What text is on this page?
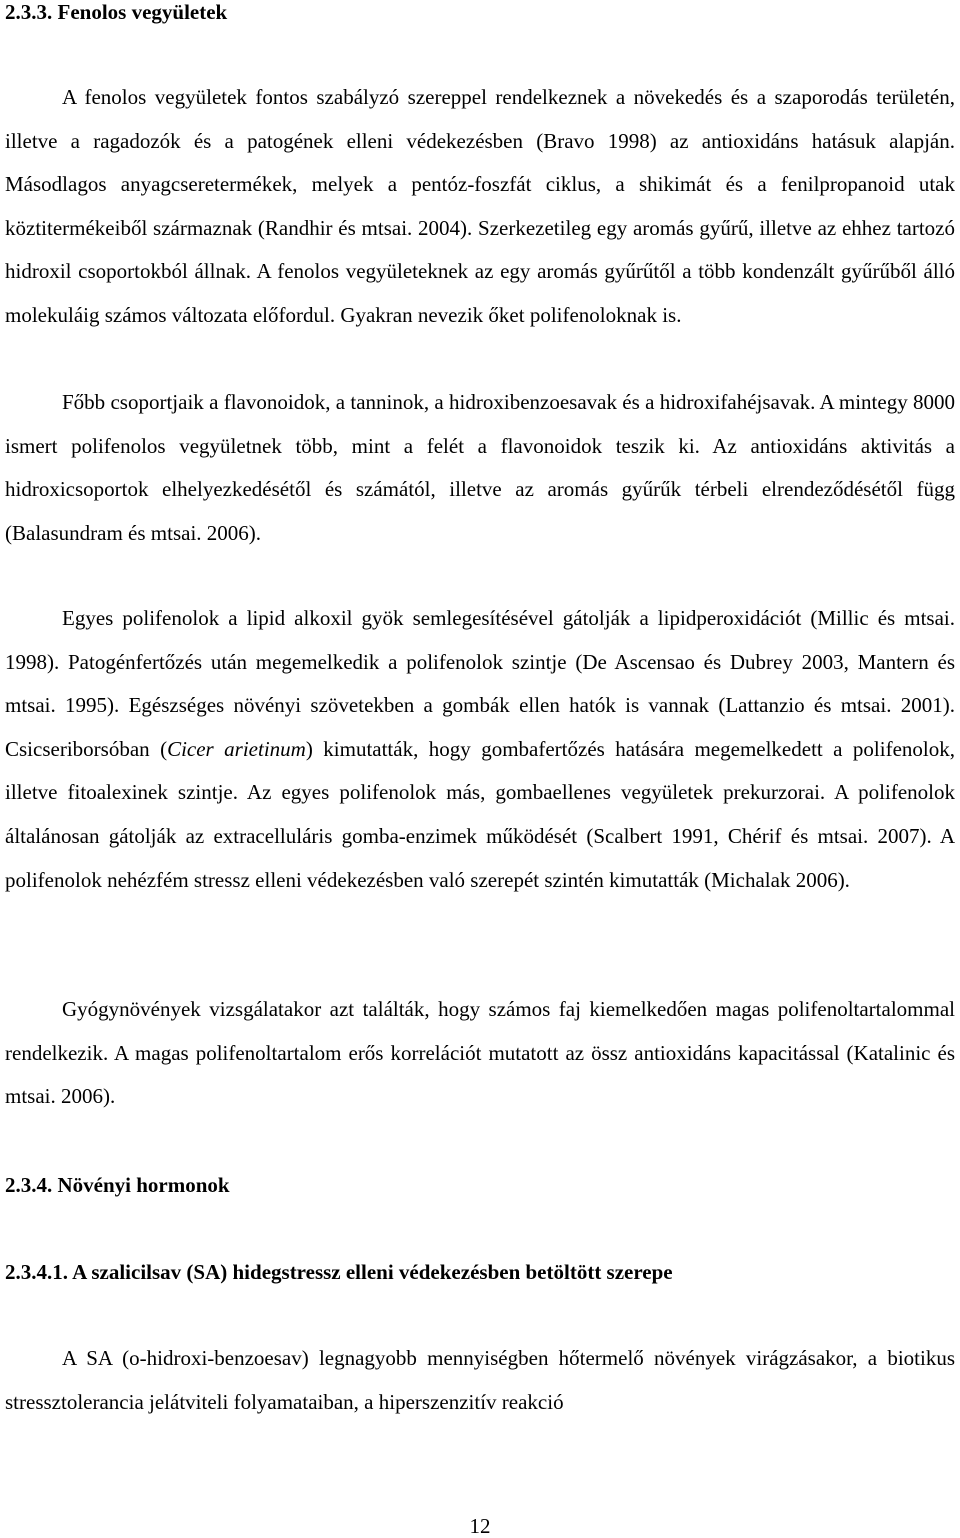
2.3.3. Fenolos vegyületek

A fenolos vegyületek fontos szabályzó szereppel rendelkeznek a növekedés és a szaporodás területén, illetve a ragadozók és a patogének elleni védekezésben (Bravo 1998) az antioxidáns hatásuk alapján. Másodlagos anyagcseretermékek, melyek a pentóz-foszfát ciklus, a shikimát és a fenilpropanoid utak köztitermékeiből származnak (Randhir és mtsai. 2004). Szerkezetileg egy aromás gyűrű, illetve az ehhez tartozó hidroxil csoportokból állnak. A fenolos vegyületeknek az egy aromás gyűrűtől a több kondenzált gyűrűből álló molekuláig számos változata előfordul. Gyakran nevezik őket polifenoloknak is.

Főbb csoportjaik a flavonoidok, a tanninok, a hidroxibenzoesavak és a hidroxifahéjsavak. A mintegy 8000 ismert polifenolos vegyületnek több, mint a felét a flavonoidok teszik ki. Az antioxidáns aktivitás a hidroxicsoportok elhelyezkedésétől és számától, illetve az aromás gyűrűk térbeli elrendeződésétől függ (Balasundram és mtsai. 2006).

Egyes polifenolok a lipid alkoxil gyök semlegesítésével gátolják a lipidperoxidációt (Millic és mtsai. 1998). Patogénfertőzés után megemelkedik a polifenolok szintje (De Ascensao és Dubrey 2003, Mantern és mtsai. 1995). Egészséges növényi szövetekben a gombák ellen hatók is vannak (Lattanzio és mtsai. 2001). Csicseriborsóban (Cicer arietinum) kimutatták, hogy gombafertőzés hatására megemelkedett a polifenolok, illetve fitoalexinek szintje. Az egyes polifenolok más, gombaellenes vegyületek prekurzorai. A polifenolok általánosan gátolják az extracelluláris gomba-enzimek működését (Scalbert 1991, Chérif és mtsai. 2007). A polifenolok nehézfém stressz elleni védekezésben való szerepét szintén kimutatták (Michalak 2006).

Gyógynövények vizsgálatakor azt találták, hogy számos faj kiemelkedően magas polifenoltartalommal rendelkezik. A magas polifenoltartalom erős korrelációt mutatott az össz antioxidáns kapacitással (Katalinic és mtsai. 2006).

2.3.4. Növényi hormonok
2.3.4.1. A szalicilsav (SA) hidegstressz elleni védekezésben betöltött szerepe

A SA (o-hidroxi-benzoesav) legnagyobb mennyiségben hőtermelő növények virágzásakor, a biotikus stressztolerancia jelátviteli folyamataiban, a hiperszenzitív reakció

12
